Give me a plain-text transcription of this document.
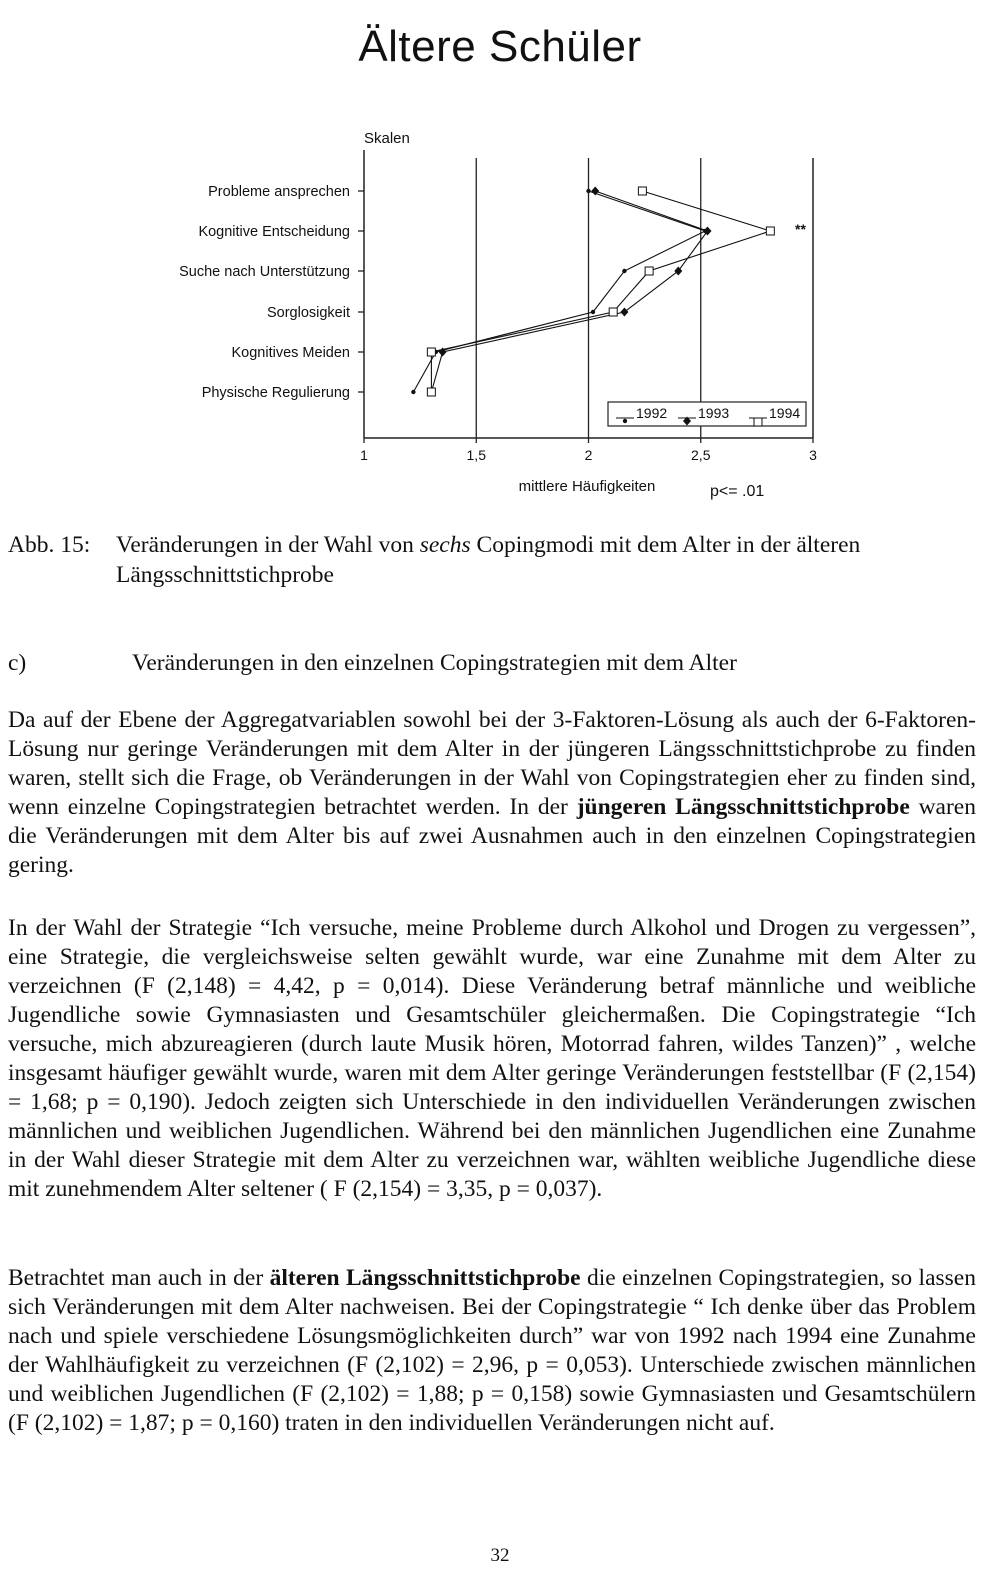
Ältere Schüler
Skalen
Probleme ansprechen
Kognitive Entscheidung
Suche nach Unterstützung
Sorglosigkeit
Kognitives Meiden
Physische Regulierung
1	1,5	2	2,5	3
**
1992 1993	1994
mittlere Häufigkeiten	p<= .01
Abb. 15: Veränderungen in der Wahl von sechs Copingmodi mit dem Alter in der älteren
Längsschnittstichprobe
c)	Veränderungen in den einzelnen Copingstrategien mit dem Alter
Da auf der Ebene der Aggregatvariablen sowohl bei der 3-Faktoren-Lösung als auch der 6-Faktoren-Lösung nur geringe Veränderungen mit dem Alter in der jüngeren Längsschnittstichprobe zu finden waren, stellt sich die Frage, ob Veränderungen in der Wahl von Copingstrategien eher zu finden sind, wenn einzelne Copingstrategien betrachtet werden. In der jüngeren Längsschnittstichprobe waren die Veränderungen mit dem Alter bis auf zwei Ausnahmen auch in den einzelnen Copingstrategien gering.
In der Wahl der Strategie “Ich versuche, meine Probleme durch Alkohol und Drogen zu vergessen”, eine Strategie, die vergleichsweise selten gewählt wurde, war eine Zunahme mit dem Alter zu verzeichnen (F (2,148) = 4,42, p = 0,014). Diese Veränderung betraf männliche und weibliche Jugendliche sowie Gymnasiasten und Gesamtschüler gleichermaßen. Die Copingstrategie “Ich versuche, mich abzureagieren (durch laute Musik hören, Motorrad fahren, wildes Tanzen)” , welche insgesamt häufiger gewählt wurde, waren mit dem Alter geringe Veränderungen feststellbar (F (2,154) = 1,68; p = 0,190). Jedoch zeigten sich Unterschiede in den individuellen Veränderungen zwischen männlichen und weiblichen Jugendlichen. Während bei den männlichen Jugendlichen eine Zunahme in der Wahl dieser Strategie mit dem Alter zu verzeichnen war, wählten weibliche Jugendliche diese mit zunehmendem Alter seltener ( F (2,154) = 3,35, p = 0,037).
Betrachtet man auch in der älteren Längsschnittstichprobe die einzelnen Copingstrategien, so lassen sich Veränderungen mit dem Alter nachweisen. Bei der Copingstrategie “ Ich denke über das Problem nach und spiele verschiedene Lösungsmöglichkeiten durch” war von 1992 nach 1994 eine Zunahme der Wahlhäufigkeit zu verzeichnen (F (2,102) = 2,96, p = 0,053). Unterschiede zwischen männlichen und weiblichen Jugendlichen (F (2,102) = 1,88; p = 0,158) sowie Gymnasiasten und Gesamtschülern (F (2,102) = 1,87; p = 0,160) traten in den individuellen Veränderungen nicht auf.
32
